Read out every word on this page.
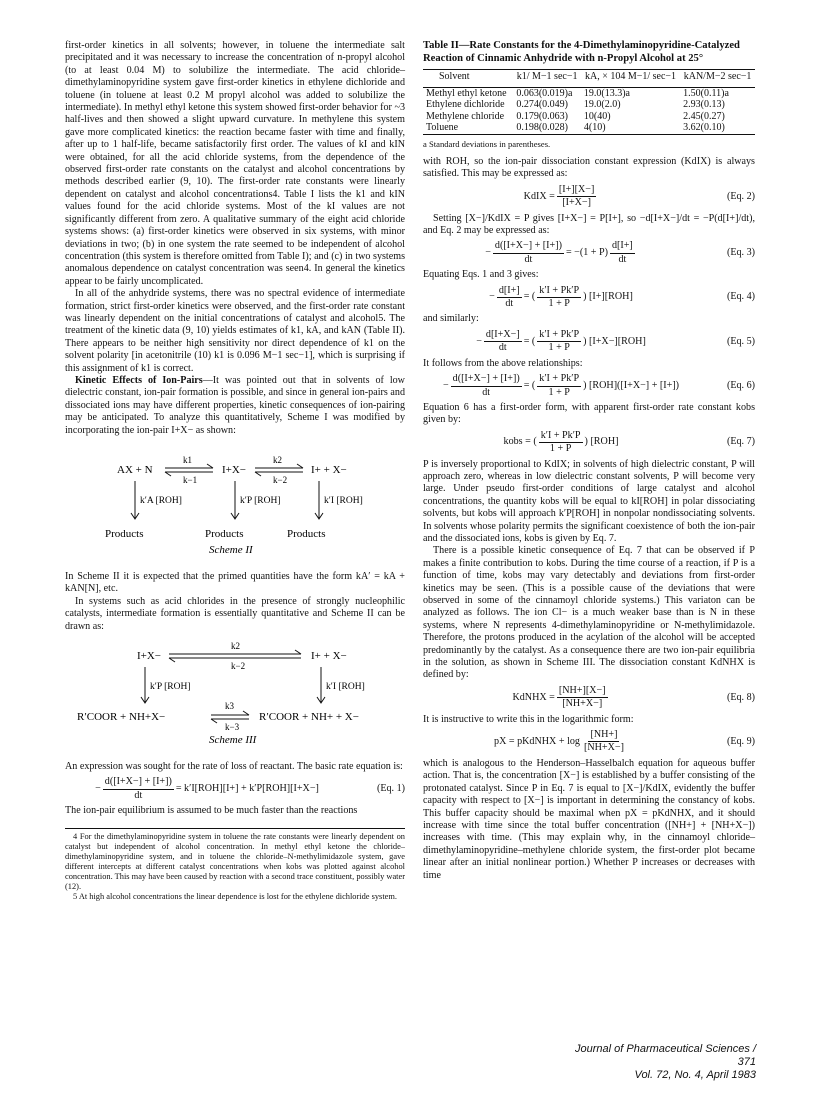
first-order kinetics in all solvents; however, in toluene the intermediate salt precipitated and it was necessary to increase the concentration of n-propyl alcohol (to at least 0.04 M) to solubilize the intermediate. The acid chloride–dimethylaminopyridine system gave first-order kinetics in ethylene dichloride and toluene (in toluene at least 0.2 M propyl alcohol was added to solubilize the intermediate). In methyl ethyl ketone this system showed first-order behavior for ~3 half-lives and then showed a slight upward curvature. In methylene this system gave more complicated kinetics: the reaction became faster with time and finally, after up to 1 half-life, became satisfactorily first order. The values of kI and kIN were obtained, for all the acid chloride systems, from the dependence of the observed first-order rate constants on the catalyst and alcohol concentrations by methods described earlier (9, 10). The first-order rate constants were linearly dependent on catalyst and alcohol concentrations4. Table I lists the k1 and kIN values found for the acid chloride systems. Most of the kI values are not significantly different from zero. A qualitative summary of the eight acid chloride systems shows: (a) first-order kinetics were observed in six systems, with minor deviations in two; (b) in one system the rate seemed to be independent of alcohol concentration (this system is therefore omitted from Table I); and (c) in two systems anomalous dependence on catalyst concentration was seen4. In general the kinetics appear to be fairly uncomplicated.

In all of the anhydride systems, there was no spectral evidence of intermediate formation, strict first-order kinetics were observed, and the first-order rate constant was linearly dependent on the initial concentrations of catalyst and alcohol5. The treatment of the kinetic data (9, 10) yields estimates of k1, kA, and kAN (Table II). There appears to be neither high sensitivity nor direct dependence of k1 on the solvent polarity [in acetonitrile (10) k1 is 0.096 M−1 sec−1], which is surprising if this assignment of k1 is correct.

Kinetic Effects of Ion-Pairs—It was pointed out that in solvents of low dielectric constant, ion-pair formation is possible, and since in general ion-pairs and dissociated ions may have different properties, kinetic consequences of ion-pairing may be anticipated. To analyze this quantitatively, Scheme I was modified by incorporating the ion-pair I+X− as shown:

AX + N
k1
k−1
I+X−
k2
k−2
I+ + X−
k′A [ROH]	k′P [ROH]	k′I [ROH]
Products	Products	Products
Scheme II

In Scheme II it is expected that the primed quantities have the form kA′ = kA + kAN[N], etc.

In systems such as acid chlorides in the presence of strongly nucleophilic catalysts, intermediate formation is essentially quantitative and Scheme II can be drawn as:

I+X−
k2
k−2
I+ + X−
k′P [ROH]	k′I [ROH]
R′COOR + NH+X−
k3
k−3
R′COOR + NH+ + X−
Scheme III

An expression was sought for the rate of loss of reactant. The basic rate equation is:

− $\frac{d([I+X-] + [I+])}{dt} = k'I[ROH][I+] + k'P[ROH][I+X-]$	(Eq. 1)

The ion-pair equilibrium is assumed to be much faster than the reactions

4 For the dimethylaminopyridine system in toluene the rate constants were linearly dependent on catalyst but independent of alcohol concentration. In methyl ethyl ketone the chloride–dimethylaminopyridine system, and in toluene the chloride–N-methylimidazole system, gave different intercepts at different catalyst concentrations when kobs was plotted against alcohol concentration. This may have been caused by reaction with a second trace constituent, possibly water (12).

5 At high alcohol concentrations the linear dependence is lost for the ethylene dichloride system.

Table II—Rate Constants for the 4-Dimethylaminopyridine-Catalyzed Reaction of Cinnamic Anhydride with n-Propyl Alcohol at 25°
Solvent	k1/ M−1 sec−1	kA, × 104 M−1/ sec−1	kAN/M−2 sec−1

Methyl ethyl ketone	0.063(0.019)a	19.0(13.3)a	1.50(0.11)a
Ethylene dichloride	0.274(0.049)	19.0(2.0)	2.93(0.13)
Methylene chloride	0.179(0.063)	10(40)	2.45(0.27)
Toluene	0.198(0.028)	4(10)	3.62(0.10)
a Standard deviations in parentheses.

with ROH, so the ion-pair dissociation constant expression (KdIX) is always satisfied. This may be expressed as:

KdIX = $\frac{[I+][X-]}{[I+X-]}$	(Eq. 2)

Setting [X−]/KdIX = P gives [I+X−] = P[I+], so −d[I+X−]/dt = −P(d[I+]/dt), and Eq. 2 may be expressed as:

− $\frac{d([I+X-] + [I+])}{dt} = -(1 + P) \frac{d[I+]}{dt}$	(Eq. 3)

Equating Eqs. 1 and 3 gives:

− $\frac{d[I+]}{dt}$ = ( $\frac{k'I + Pk'P}{1 + P}$ ) [I+][ROH]	(Eq. 4)

and similarly:

− $\frac{d[I+X-]}{dt}$ = ( $\frac{k'I + Pk'P}{1 + P}$ ) [I+X−][ROH]	(Eq. 5)

It follows from the above relationships:

− $\frac{d([I+X-] + [I+])}{dt}$ = ( $\frac{k'I + Pk'P}{1 + P}$ ) [ROH]([I+X−] + [I+])	(Eq. 6)

Equation 6 has a first-order form, with apparent first-order rate constant kobs given by:

kobs = ( $\frac{k'I + Pk'P}{1 + P}$ ) [ROH]	(Eq. 7)

P is inversely proportional to KdIX; in solvents of high dielectric constant, P will approach zero, whereas in low dielectric constant solvents, P will become very large. Under pseudo first-order conditions of large catalyst and alcohol concentrations, the quantity kobs will be equal to kI[ROH] in polar dissociating solvents, but kobs will approach k′P[ROH] in nonpolar nondissociating solvents. In solvents whose polarity permits the significant coexistence of both the ion-pair and the dissociated ions, kobs is given by Eq. 7.

There is a possible kinetic consequence of Eq. 7 that can be observed if P makes a finite contribution to kobs. During the time course of a reaction, if P is a function of time, kobs may vary detectably and deviations from first-order kinetics may be seen. (This is a possible cause of the deviations that were observed in some of the cinnamoyl chloride systems.) This variaton can be analyzed as follows. The ion Cl− is a much weaker base than is N in these systems, where N represents 4-dimethylaminopyridine or N-methylimidazole. Therefore, the protons produced in the acylation of the alcohol will be accepted predominantly by the catalyst. As a consequence there are two ion-pair equilibria in the solution, as shown in Scheme III. The dissociation constant KdNHX is defined by:

KdNHX = $\frac{[NH+][X-]}{[NH+X-]}$	(Eq. 8)

It is instructive to write this in the logarithmic form:

pX = pKdNHX + $\log \frac{[NH+]}{[NH+X-]}$	(Eq. 9)

which is analogous to the Henderson–Hasselbalch equation for aqueous buffer action. That is, the concentration [X−] is established by a buffer consisting of the protonated catalyst. Since P in Eq. 7 is equal to [X−]/KdIX, evidently the buffer capacity with respect to [X−] is important in determining the constancy of kobs. This buffer capacity should be maximal when pX = pKdNHX, and it should increase with time since the total buffer concentration ([NH+] + [NH+X−]) increases with time. (This may explain why, in the cinnamoyl chloride–dimethylaminopyridine–methylene chloride system, the first-order plot became linear after an initial nonlinear portion.) Whether P increases or decreases with time

Journal of Pharmaceutical Sciences / 371
Vol. 72, No. 4, April 1983
